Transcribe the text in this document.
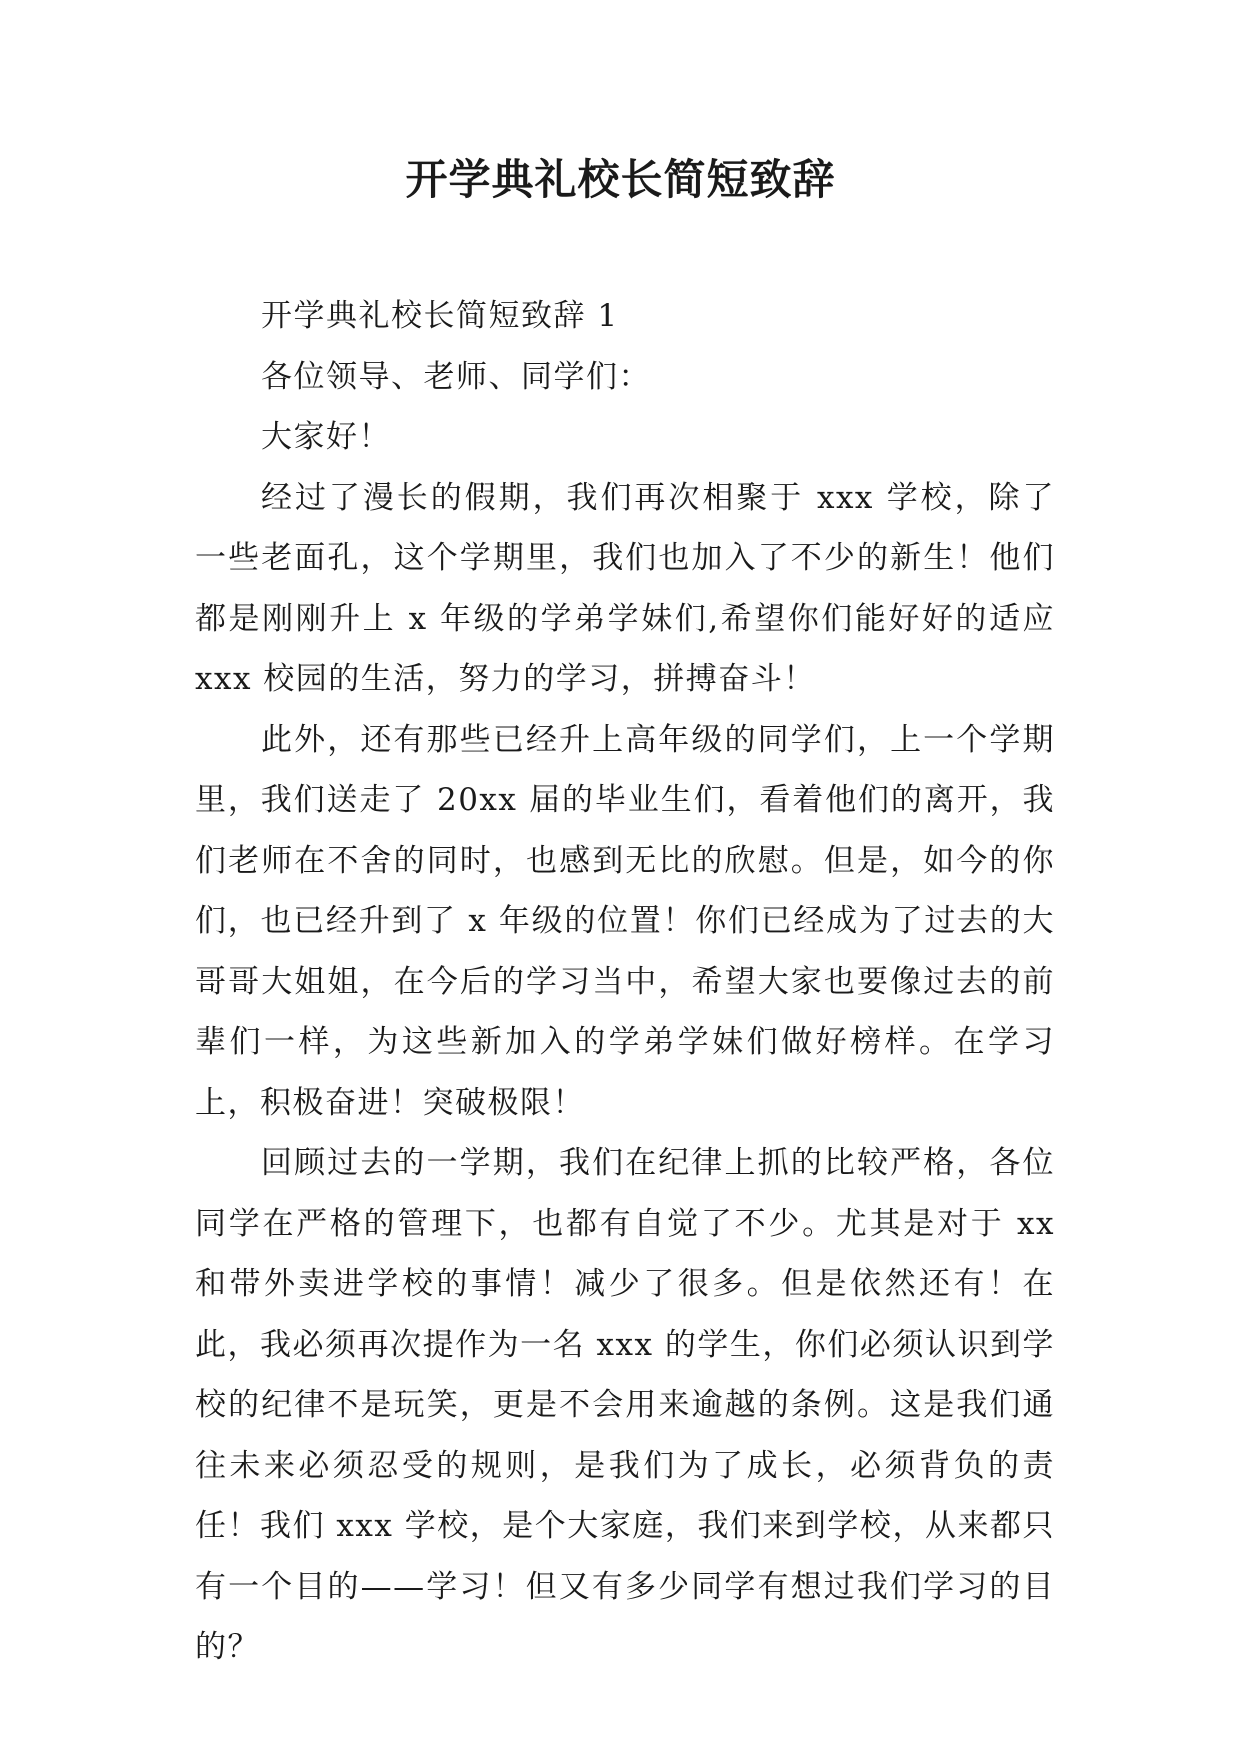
开学典礼校长简短致辞

开学典礼校长简短致辞 1

各位领导、老师、同学们：

大家好！

经过了漫长的假期，我们再次相聚于 xxx 学校，除了一些老面孔，这个学期里，我们也加入了不少的新生！他们都是刚刚升上 x 年级的学弟学妹们,希望你们能好好的适应 xxx 校园的生活，努力的学习，拼搏奋斗！

此外，还有那些已经升上高年级的同学们，上一个学期里，我们送走了 20xx 届的毕业生们，看着他们的离开，我们老师在不舍的同时，也感到无比的欣慰。但是，如今的你们，也已经升到了 x 年级的位置！你们已经成为了过去的大哥哥大姐姐，在今后的学习当中，希望大家也要像过去的前辈们一样，为这些新加入的学弟学妹们做好榜样。在学习上，积极奋进！突破极限！

回顾过去的一学期，我们在纪律上抓的比较严格，各位同学在严格的管理下，也都有自觉了不少。尤其是对于 xx 和带外卖进学校的事情！减少了很多。但是依然还有！在此，我必须再次提作为一名 xxx 的学生，你们必须认识到学校的纪律不是玩笑，更是不会用来逾越的条例。这是我们通往未来必须忍受的规则，是我们为了成长，必须背负的责任！我们 xxx 学校，是个大家庭，我们来到学校，从来都只有一个目的——学习！但又有多少同学有想过我们学习的目的？
